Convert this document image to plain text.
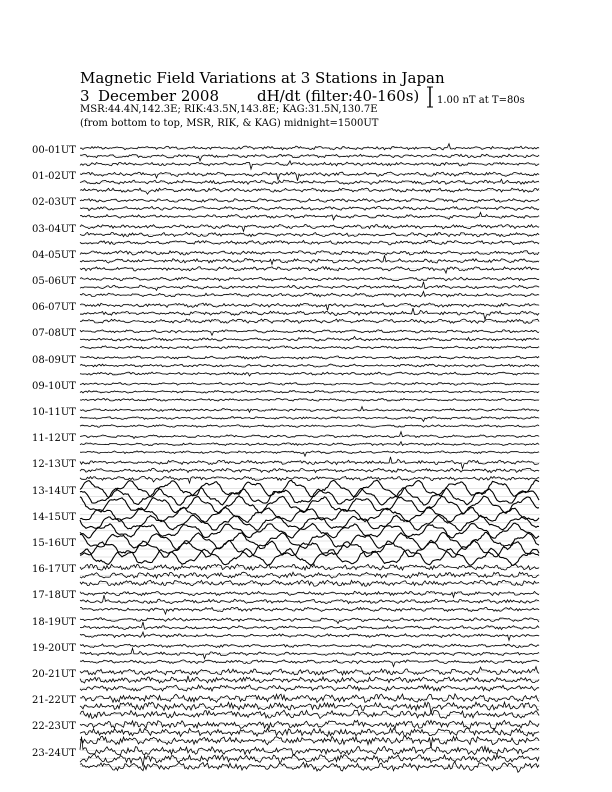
Magnetic Field Variations at 3 Stations in Japan
3 December 2008	dH/dt (filter:40-160s)
MSR:44.4N,142.3E; RIK:43.5N,143.8E; KAG:31.5N,130.7E
(from bottom to top, MSR, RIK, & KAG) midnight=1500UT
1.00 nT at T=80s
00-01UT
01-02UT
02-03UT
03-04UT
04-05UT
05-06UT
06-07UT
07-08UT
08-09UT
09-10UT
10-11UT
11-12UT
12-13UT
13-14UT
14-15UT
15-16UT
16-17UT
17-18UT
18-19UT
19-20UT
20-21UT
21-22UT
22-23UT
23-24UT
